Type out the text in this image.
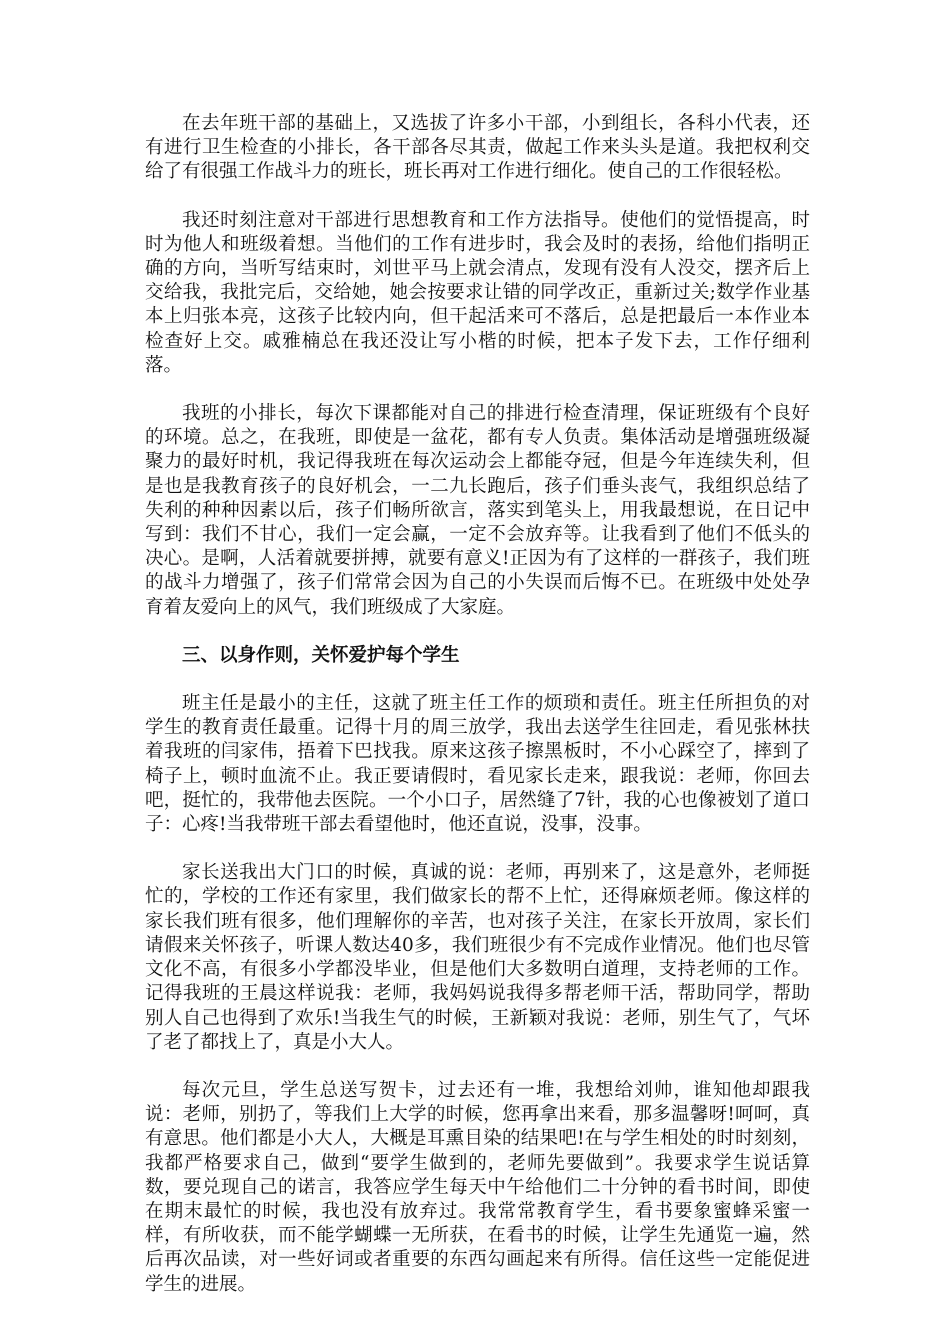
在去年班干部的基础上，又选拔了许多小干部，小到组长，各科小代表，还有进行卫生检查的小排长，各干部各尽其责，做起工作来头头是道。我把权利交给了有很强工作战斗力的班长，班长再对工作进行细化。使自己的工作很轻松。

我还时刻注意对干部进行思想教育和工作方法指导。使他们的觉悟提高，时时为他人和班级着想。当他们的工作有进步时，我会及时的表扬，给他们指明正确的方向，当听写结束时，刘世平马上就会清点，发现有没有人没交，摆齐后上交给我，我批完后，交给她，她会按要求让错的同学改正，重新过关;数学作业基本上归张本亮，这孩子比较内向，但干起活来可不落后，总是把最后一本作业本检查好上交。戚雅楠总在我还没让写小楷的时候，把本子发下去，工作仔细利落。

我班的小排长，每次下课都能对自己的排进行检查清理，保证班级有个良好的环境。总之，在我班，即使是一盆花，都有专人负责。集体活动是增强班级凝聚力的最好时机，我记得我班在每次运动会上都能夺冠，但是今年连续失利，但是也是我教育孩子的良好机会，一二九长跑后，孩子们垂头丧气，我组织总结了失利的种种因素以后，孩子们畅所欲言，落实到笔头上，用我最想说，在日记中写到：我们不甘心，我们一定会赢，一定不会放弃等。让我看到了他们不低头的决心。是啊，人活着就要拼搏，就要有意义!正因为有了这样的一群孩子，我们班的战斗力增强了，孩子们常常会因为自己的小失误而后悔不已。在班级中处处孕育着友爱向上的风气，我们班级成了大家庭。

三、以身作则，关怀爱护每个学生

班主任是最小的主任，这就了班主任工作的烦琐和责任。班主任所担负的对学生的教育责任最重。记得十月的周三放学，我出去送学生往回走，看见张林扶着我班的闫家伟，捂着下巴找我。原来这孩子擦黑板时，不小心踩空了，摔到了椅子上，顿时血流不止。我正要请假时，看见家长走来，跟我说：老师，你回去吧，挺忙的，我带他去医院。一个小口子，居然缝了7针，我的心也像被划了道口子：心疼!当我带班干部去看望他时，他还直说，没事，没事。

家长送我出大门口的时候，真诚的说：老师，再别来了，这是意外，老师挺忙的，学校的工作还有家里，我们做家长的帮不上忙，还得麻烦老师。像这样的家长我们班有很多，他们理解你的辛苦，也对孩子关注，在家长开放周，家长们请假来关怀孩子，听课人数达40多，我们班很少有不完成作业情况。他们也尽管文化不高，有很多小学都没毕业，但是他们大多数明白道理，支持老师的工作。记得我班的王晨这样说我：老师，我妈妈说我得多帮老师干活，帮助同学，帮助别人自己也得到了欢乐!当我生气的时候，王新颖对我说：老师，别生气了，气坏了老了都找上了，真是小大人。

每次元旦，学生总送写贺卡，过去还有一堆，我想给刘帅，谁知他却跟我说：老师，别扔了，等我们上大学的时候，您再拿出来看，那多温馨呀!呵呵，真有意思。他们都是小大人，大概是耳熏目染的结果吧!在与学生相处的时时刻刻，我都严格要求自己，做到“要学生做到的，老师先要做到”。我要求学生说话算数，要兑现自己的诺言，我答应学生每天中午给他们二十分钟的看书时间，即使在期末最忙的时候，我也没有放弃过。我常常教育学生，看书要象蜜蜂采蜜一样，有所收获，而不能学蝴蝶一无所获，在看书的时候，让学生先通览一遍，然后再次品读，对一些好词或者重要的东西勾画起来有所得。信任这些一定能促进学生的进展。
